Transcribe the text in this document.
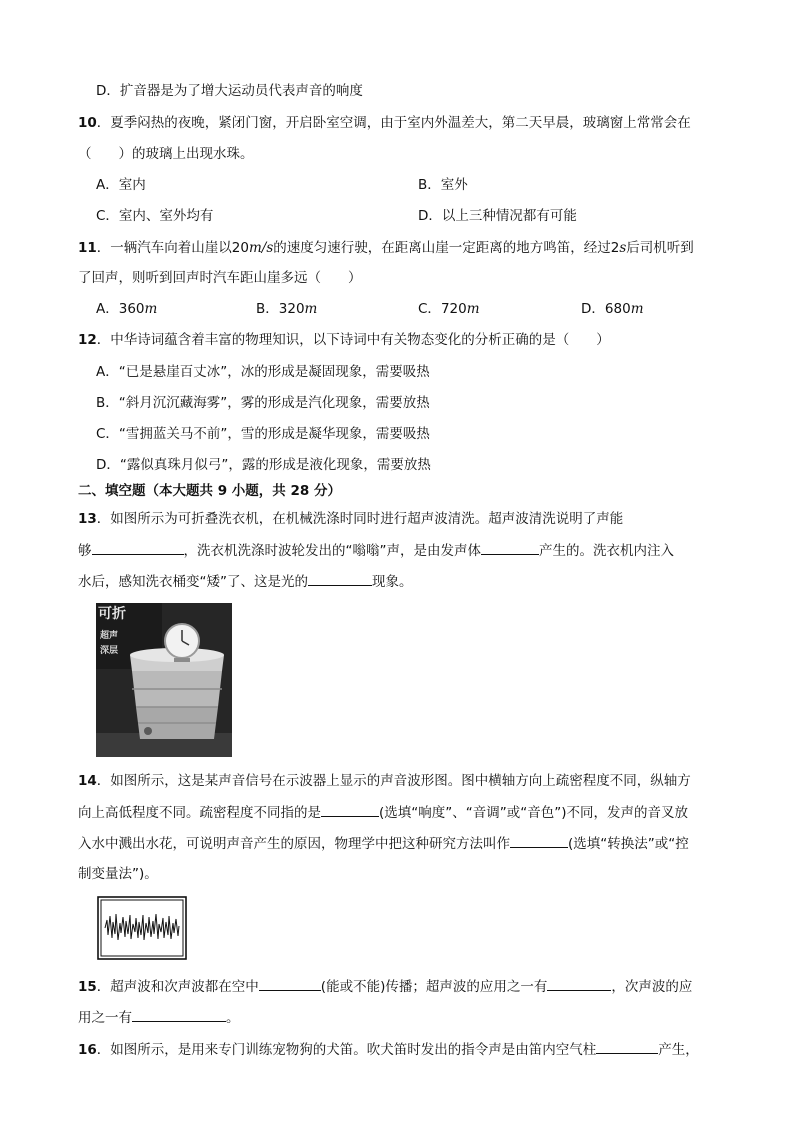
D．扩音器是为了增大运动员代表声音的响度
10．夏季闷热的夜晚，紧闭门窗，开启卧室空调，由于室内外温差大，第二天早晨，玻璃窗上常常会在
（　　）的玻璃上出现水珠。
A．室内	B．室外
C．室内、室外均有	D．以上三种情况都有可能
11．一辆汽车向着山崖以20m/s的速度匀速行驶，在距离山崖一定距离的地方鸣笛，经过2s后司机听到
了回声，则听到回声时汽车距山崖多远（　　）
A．360m	B．320m	C．720m	D．680m
12．中华诗词蕴含着丰富的物理知识，以下诗词中有关物态变化的分析正确的是（　　）
A．“已是悬崖百丈冰”，冰的形成是凝固现象，需要吸热
B．“斜月沉沉藏海雾”，雾的形成是汽化现象，需要放热
C．“雪拥蓝关马不前”，雪的形成是凝华现象，需要吸热
D．“露似真珠月似弓”，露的形成是液化现象，需要放热
二、填空题（本大题共 9 小题，共 28 分）
13．如图所示为可折叠洗衣机，在机械洗涤时同时进行超声波清洗。超声波清洗说明了声能
够	，洗衣机洗涤时波轮发出的“嗡嗡”声，是由发声体	产生的。洗衣机内注入
水后，感知洗衣桶变“矮”了、这是光的	现象。
可折
超声
深层
14．如图所示，这是某声音信号在示波器上显示的声音波形图。图中横轴方向上疏密程度不同，纵轴方
向上高低程度不同。疏密程度不同指的是	(选填“响度”、“音调”或“音色”)不同，发声的音叉放
入水中溅出水花，可说明声音产生的原因，物理学中把这种研究方法叫作	(选填“转换法”或“控
制变量法”)。
15．超声波和次声波都在空中	(能或不能)传播；超声波的应用之一有	，次声波的应
用之一有	。
16．如图所示，是用来专门训练宠物狗的犬笛。吹犬笛时发出的指令声是由笛内空气柱	产生，
